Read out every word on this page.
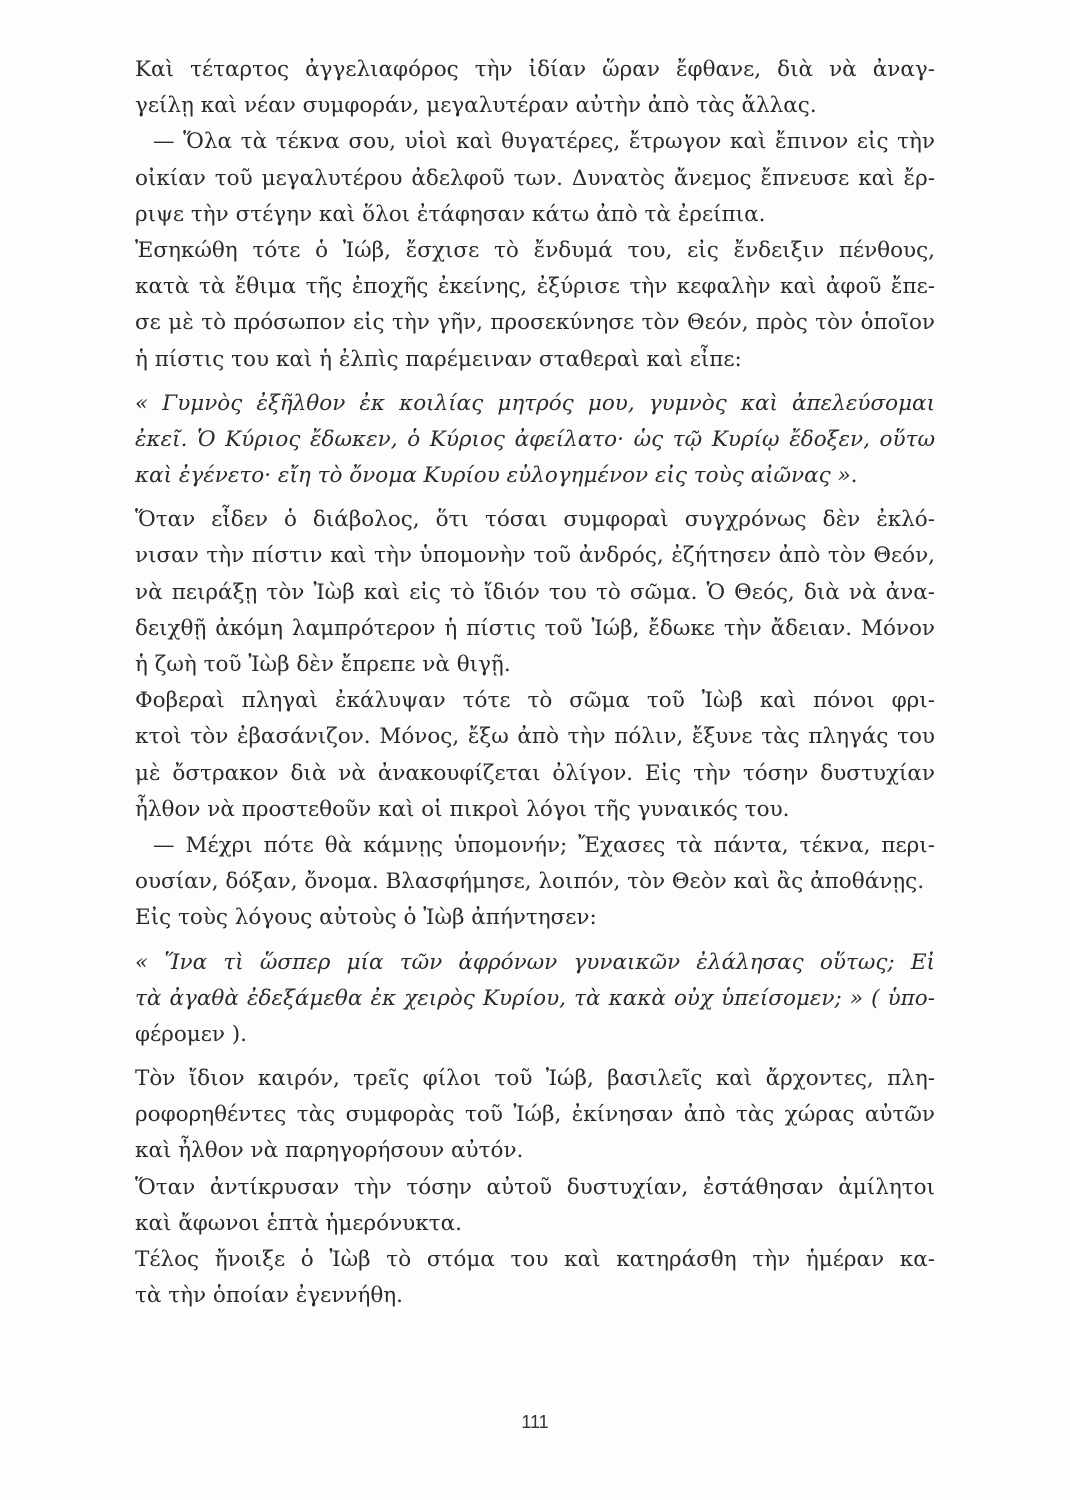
Καὶ τέταρτος ἀγγελιαφόρος τὴν ἰδίαν ὥραν ἔφθανε, διὰ νὰ ἀναγ-
γείλῃ καὶ νέαν συμφοράν, μεγαλυτέραν αὐτὴν ἀπὸ τὰς ἄλλας.
— Ὅλα τὰ τέκνα σου, υἱοὶ καὶ θυγατέρες, ἔτρωγον καὶ ἔπινον εἰς τὴν
οἰκίαν τοῦ μεγαλυτέρου ἀδελφοῦ των. Δυνατὸς ἄνεμος ἔπνευσε καὶ ἔρ-
ριψε τὴν στέγην καὶ ὅλοι ἐτάφησαν κάτω ἀπὸ τὰ ἐρείπια.
Ἐσηκώθη τότε ὁ Ἰώβ, ἔσχισε τὸ ἔνδυμά του, εἰς ἔνδειξιν πένθους,
κατὰ τὰ ἔθιμα τῆς ἐποχῆς ἐκείνης, ἐξύρισε τὴν κεφαλὴν καὶ ἀφοῦ ἔπε-
σε μὲ τὸ πρόσωπον εἰς τὴν γῆν, προσεκύνησε τὸν Θεόν, πρὸς τὸν ὁποῖον
ἡ πίστις του καὶ ἡ ἐλπὶς παρέμειναν σταθεραὶ καὶ εἶπε:
« Γυμνὸς ἐξῆλθον ἐκ κοιλίας μητρός μου, γυμνὸς καὶ ἀπελεύσομαι
ἐκεῖ. Ὁ Κύριος ἔδωκεν, ὁ Κύριος ἀφείλατο· ὡς τῷ Κυρίῳ ἔδοξεν, οὕτω
καὶ ἐγένετο· εἴη τὸ ὄνομα Κυρίου εὐλογημένον εἰς τοὺς αἰῶνας ».
Ὅταν εἶδεν ὁ διάβολος, ὅτι τόσαι συμφοραὶ συγχρόνως δὲν ἐκλό-
νισαν τὴν πίστιν καὶ τὴν ὑπομονὴν τοῦ ἀνδρός, ἐζήτησεν ἀπὸ τὸν Θεόν,
νὰ πειράξῃ τὸν Ἰὼβ καὶ εἰς τὸ ἴδιόν του τὸ σῶμα. Ὁ Θεός, διὰ νὰ ἀνα-
δειχθῇ ἀκόμη λαμπρότερον ἡ πίστις τοῦ Ἰώβ, ἔδωκε τὴν ἄδειαν. Μόνον
ἡ ζωὴ τοῦ Ἰὼβ δὲν ἔπρεπε νὰ θιγῇ.
Φοβεραὶ πληγαὶ ἐκάλυψαν τότε τὸ σῶμα τοῦ Ἰὼβ καὶ πόνοι φρι-
κτοὶ τὸν ἐβασάνιζον. Μόνος, ἔξω ἀπὸ τὴν πόλιν, ἔξυνε τὰς πληγάς του
μὲ ὄστρακον διὰ νὰ ἀνακουφίζεται ὀλίγον. Εἰς τὴν τόσην δυστυχίαν
ἦλθον νὰ προστεθοῦν καὶ οἱ πικροὶ λόγοι τῆς γυναικός του.
— Μέχρι πότε θὰ κάμνῃς ὑπομονήν; Ἔχασες τὰ πάντα, τέκνα, περι-
ουσίαν, δόξαν, ὄνομα. Βλασφήμησε, λοιπόν, τὸν Θεὸν καὶ ἂς ἀποθάνῃς.
Εἰς τοὺς λόγους αὐτοὺς ὁ Ἰὼβ ἀπήντησεν:
« Ἵνα τὶ ὥσπερ μία τῶν ἀφρόνων γυναικῶν ἐλάλησας οὕτως; Εἰ
τὰ ἀγαθὰ ἐδεξάμεθα ἐκ χειρὸς Κυρίου, τὰ κακὰ οὐχ ὑπείσομεν; » ( ὑπο-
φέρομεν ).
Τὸν ἴδιον καιρόν, τρεῖς φίλοι τοῦ Ἰώβ, βασιλεῖς καὶ ἄρχοντες, πλη-
ροφορηθέντες τὰς συμφορὰς τοῦ Ἰώβ, ἐκίνησαν ἀπὸ τὰς χώρας αὐτῶν
καὶ ἦλθον νὰ παρηγορήσουν αὐτόν.
Ὅταν ἀντίκρυσαν τὴν τόσην αὐτοῦ δυστυχίαν, ἐστάθησαν ἀμίλητοι
καὶ ἄφωνοι ἑπτὰ ἡμερόνυκτα.
Τέλος ἤνοιξε ὁ Ἰὼβ τὸ στόμα του καὶ κατηράσθη τὴν ἡμέραν κα-
τὰ τὴν ὁποίαν ἐγεννήθη.
111
